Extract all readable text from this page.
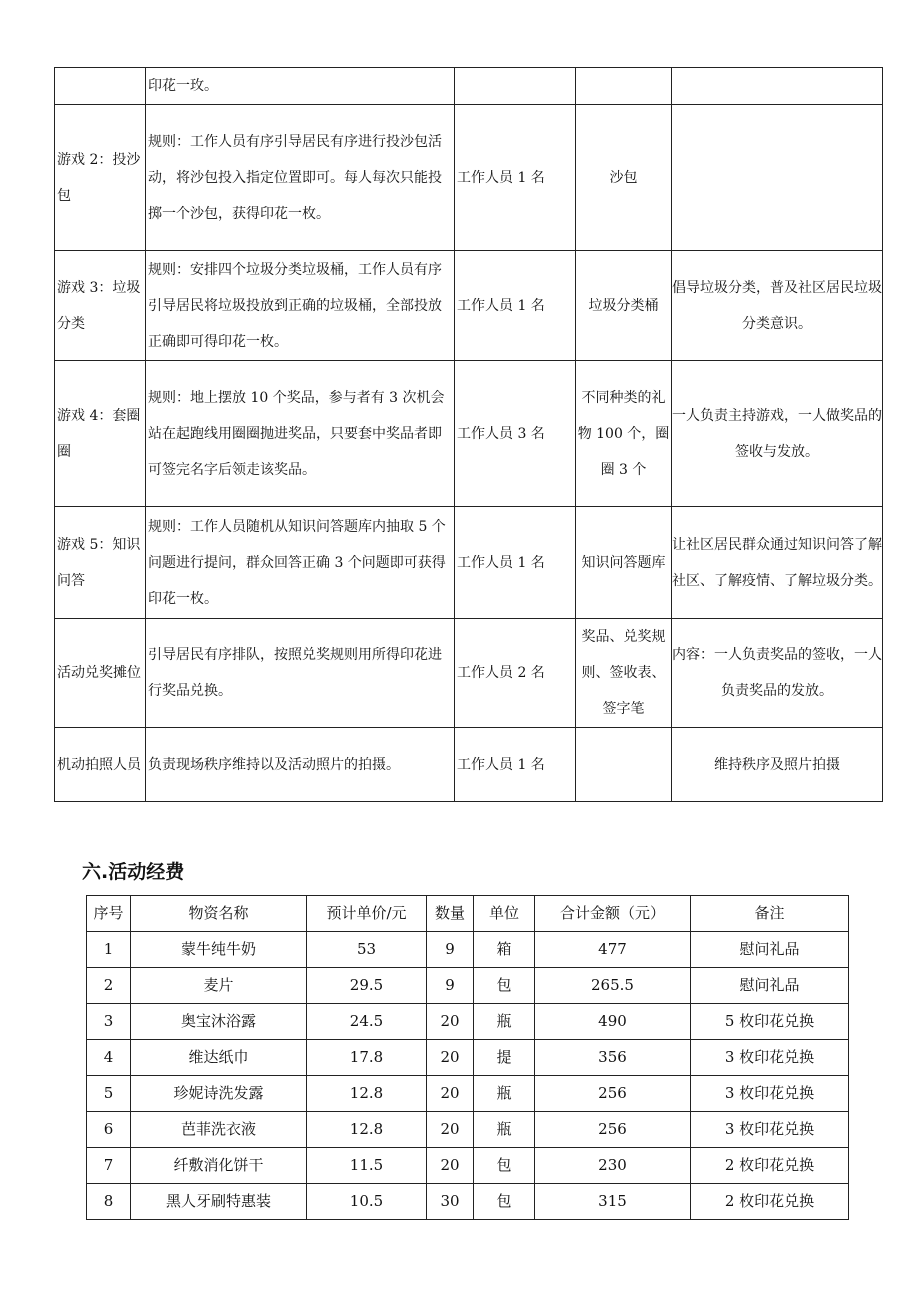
	印花一玫。			
游戏 2：投沙包	规则：工作人员有序引导居民有序进行投沙包活动，将沙包投入指定位置即可。每人每次只能投掷一个沙包，获得印花一枚。	工作人员 1 名	沙包	
游戏 3：垃圾分类	规则：安排四个垃圾分类垃圾桶，工作人员有序引导居民将垃圾投放到正确的垃圾桶，全部投放正确即可得印花一枚。	工作人员 1 名	垃圾分类桶	倡导垃圾分类，普及社区居民垃圾分类意识。
游戏 4：套圈圈	规则：地上摆放 10 个奖品，参与者有 3 次机会站在起跑线用圈圈抛进奖品，只要套中奖品者即可签完名字后领走该奖品。	工作人员 3 名	不同种类的礼物 100 个，圈圈 3 个	一人负责主持游戏，一人做奖品的签收与发放。
游戏 5：知识问答	规则：工作人员随机从知识问答题库内抽取 5 个问题进行提问，群众回答正确 3 个问题即可获得印花一枚。	工作人员 1 名	知识问答题库	让社区居民群众通过知识问答了解社区、了解疫情、了解垃圾分类。
活动兑奖摊位	引导居民有序排队，按照兑奖规则用所得印花进行奖品兑换。	工作人员 2 名	奖品、兑奖规则、签收表、签字笔	内容：一人负责奖品的签收，一人负责奖品的发放。
机动拍照人员	负责现场秩序维持以及活动照片的拍摄。	工作人员 1 名		维持秩序及照片拍摄
六.活动经费
序号	物资名称	预计单价/元	数量	单位	合计金额（元）	备注
1	蒙牛纯牛奶	53	9	箱	477	慰问礼品
2	麦片	29.5	9	包	265.5	慰问礼品
3	奥宝沐浴露	24.5	20	瓶	490	5 枚印花兑换
4	维达纸巾	17.8	20	提	356	3 枚印花兑换
5	珍妮诗洗发露	12.8	20	瓶	256	3 枚印花兑换
6	芭菲洗衣液	12.8	20	瓶	256	3 枚印花兑换
7	纤敷消化饼干	11.5	20	包	230	2 枚印花兑换
8	黑人牙刷特惠装	10.5	30	包	315	2 枚印花兑换
